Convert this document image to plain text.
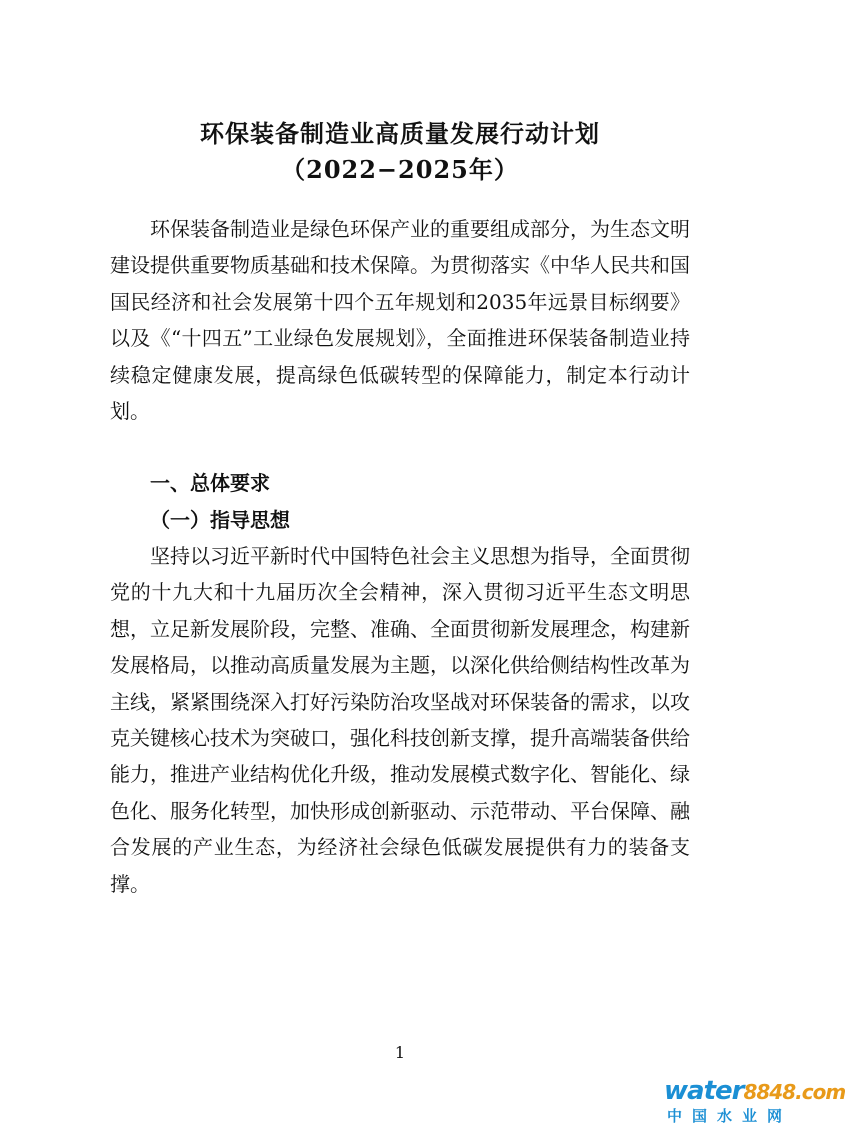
环保装备制造业高质量发展行动计划
（2022−2025年）
环保装备制造业是绿色环保产业的重要组成部分，为生态文明建设提供重要物质基础和技术保障。为贯彻落实《中华人民共和国国民经济和社会发展第十四个五年规划和2035年远景目标纲要》以及《“十四五”工业绿色发展规划》，全面推进环保装备制造业持续稳定健康发展，提高绿色低碳转型的保障能力，制定本行动计划。
一、总体要求
（一）指导思想
坚持以习近平新时代中国特色社会主义思想为指导，全面贯彻党的十九大和十九届历次全会精神，深入贯彻习近平生态文明思想，立足新发展阶段，完整、准确、全面贯彻新发展理念，构建新发展格局，以推动高质量发展为主题，以深化供给侧结构性改革为主线，紧紧围绕深入打好污染防治攻坚战对环保装备的需求，以攻克关键核心技术为突破口，强化科技创新支撑，提升高端装备供给能力，推进产业结构优化升级，推动发展模式数字化、智能化、绿色化、服务化转型，加快形成创新驱动、示范带动、平台保障、融合发展的产业生态，为经济社会绿色低碳发展提供有力的装备支撑。
1
water8848.com
中国水业网
